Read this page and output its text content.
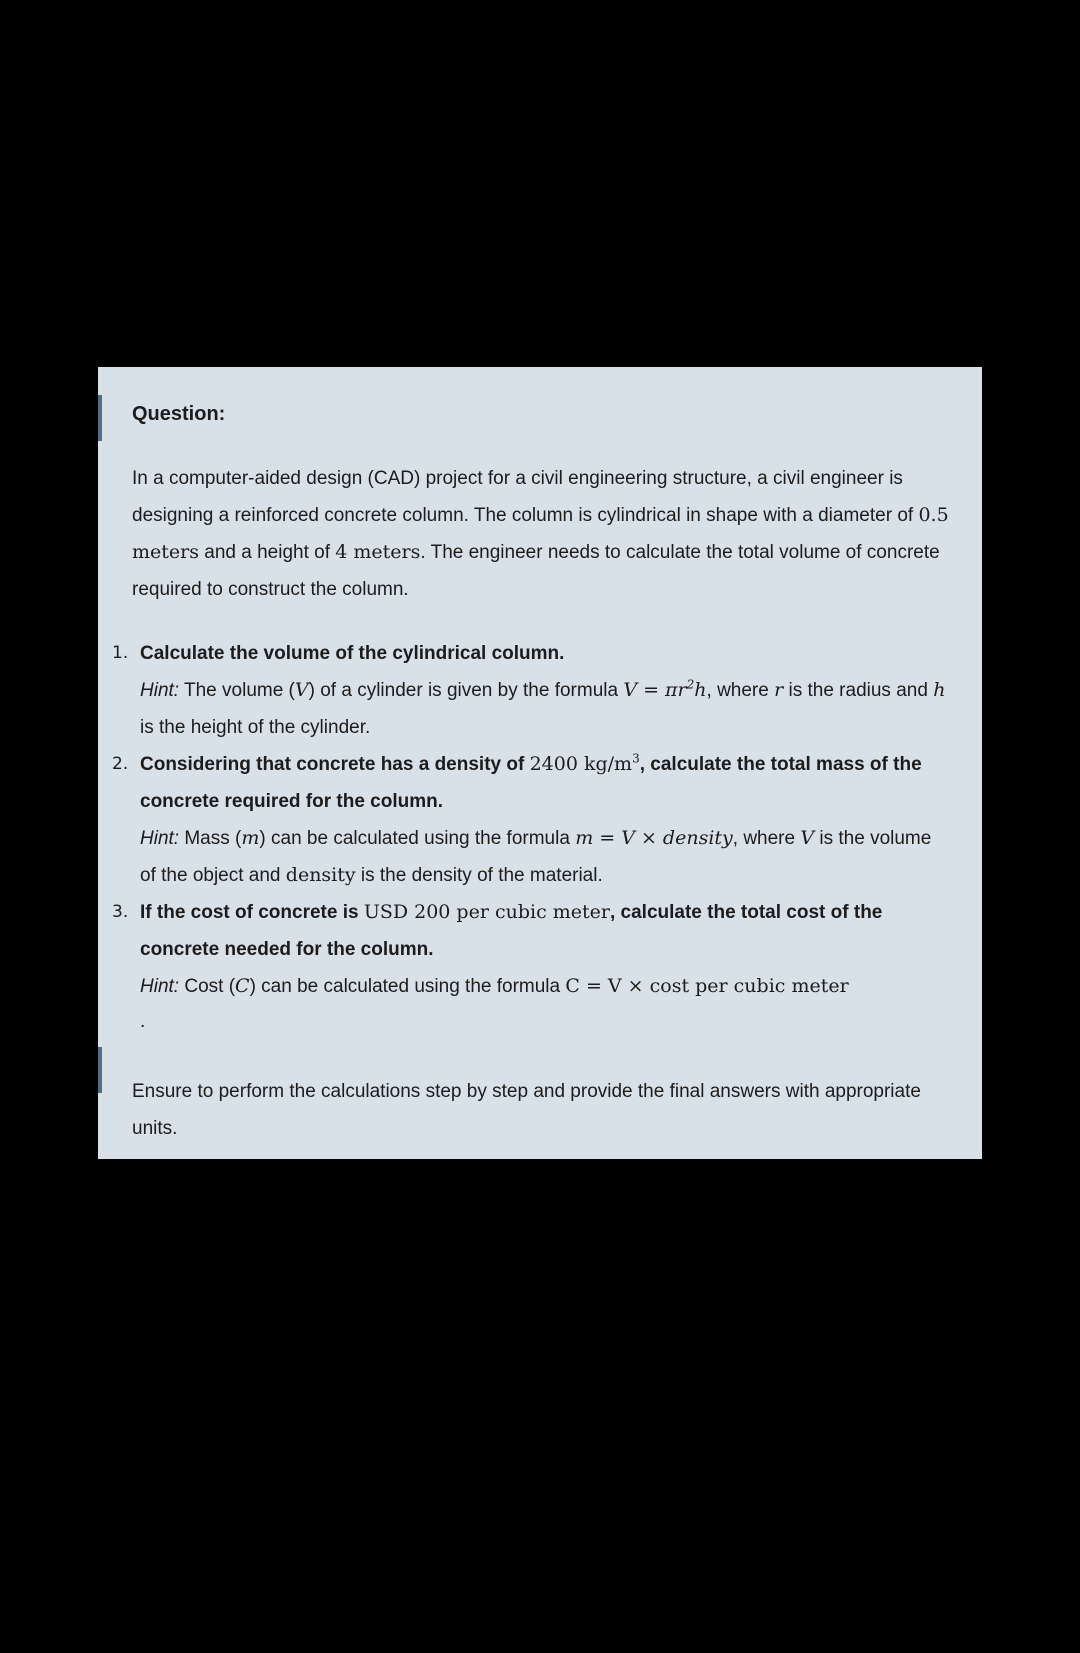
Question:
In a computer-aided design (CAD) project for a civil engineering structure, a civil engineer is designing a reinforced concrete column. The column is cylindrical in shape with a diameter of 0.5 meters and a height of 4 meters. The engineer needs to calculate the total volume of concrete required to construct the column.
1. Calculate the volume of the cylindrical column.
Hint: The volume (V) of a cylinder is given by the formula $V = \pi r^2h$, where r is the radius and h is the height of the cylinder.
2. Considering that concrete has a density of 2400 $kg/m^3$, calculate the total mass of the concrete required for the column.
Hint: Mass (m) can be calculated using the formula m = V × density, where V is the volume of the object and density is the density of the material.
3. If the cost of concrete is USD 200 per cubic meter, calculate the total cost of the concrete needed for the column.
Hint: Cost (C) can be calculated using the formula C = V × cost per cubic meter
.
Ensure to perform the calculations step by step and provide the final answers with appropriate units.
